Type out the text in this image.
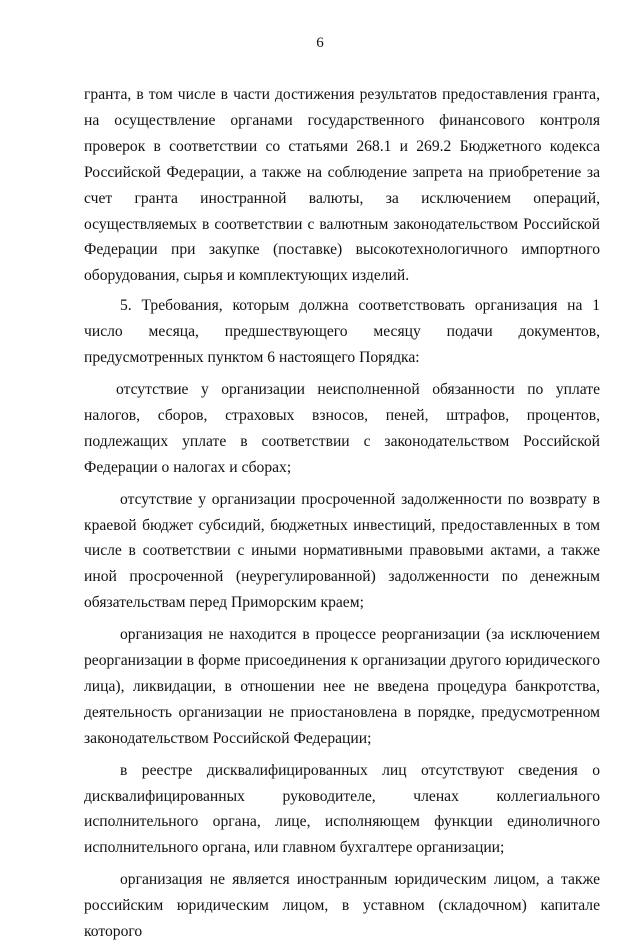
6

гранта, в том числе в части достижения результатов предоставления гранта, на осуществление органами государственного финансового контроля проверок в соответствии со статьями 268.1 и 269.2 Бюджетного кодекса Российской Федерации, а также на соблюдение запрета на приобретение за счет гранта иностранной валюты, за исключением операций, осуществляемых в соответствии с валютным законодательством Российской Федерации при закупке (поставке) высокотехнологичного импортного оборудования, сырья и комплектующих изделий.

5. Требования, которым должна соответствовать организация на 1 число месяца, предшествующего месяцу подачи документов, предусмотренных пунктом 6 настоящего Порядка:

отсутствие у организации неисполненной обязанности по уплате налогов, сборов, страховых взносов, пеней, штрафов, процентов, подлежащих уплате в соответствии с законодательством Российской Федерации о налогах и сборах;

отсутствие у организации просроченной задолженности по возврату в краевой бюджет субсидий, бюджетных инвестиций, предоставленных в том числе в соответствии с иными нормативными правовыми актами, а также иной просроченной (неурегулированной) задолженности по денежным обязательствам перед Приморским краем;

организация не находится в процессе реорганизации (за исключением реорганизации в форме присоединения к организации другого юридического лица), ликвидации, в отношении нее не введена процедура банкротства, деятельность организации не приостановлена в порядке, предусмотренном законодательством Российской Федерации;

в реестре дисквалифицированных лиц отсутствуют сведения о дисквалифицированных руководителе, членах коллегиального исполнительного органа, лице, исполняющем функции единоличного исполнительного органа, или главном бухгалтере организации;

организация не является иностранным юридическим лицом, а также российским юридическим лицом, в уставном (складочном) капитале которого
